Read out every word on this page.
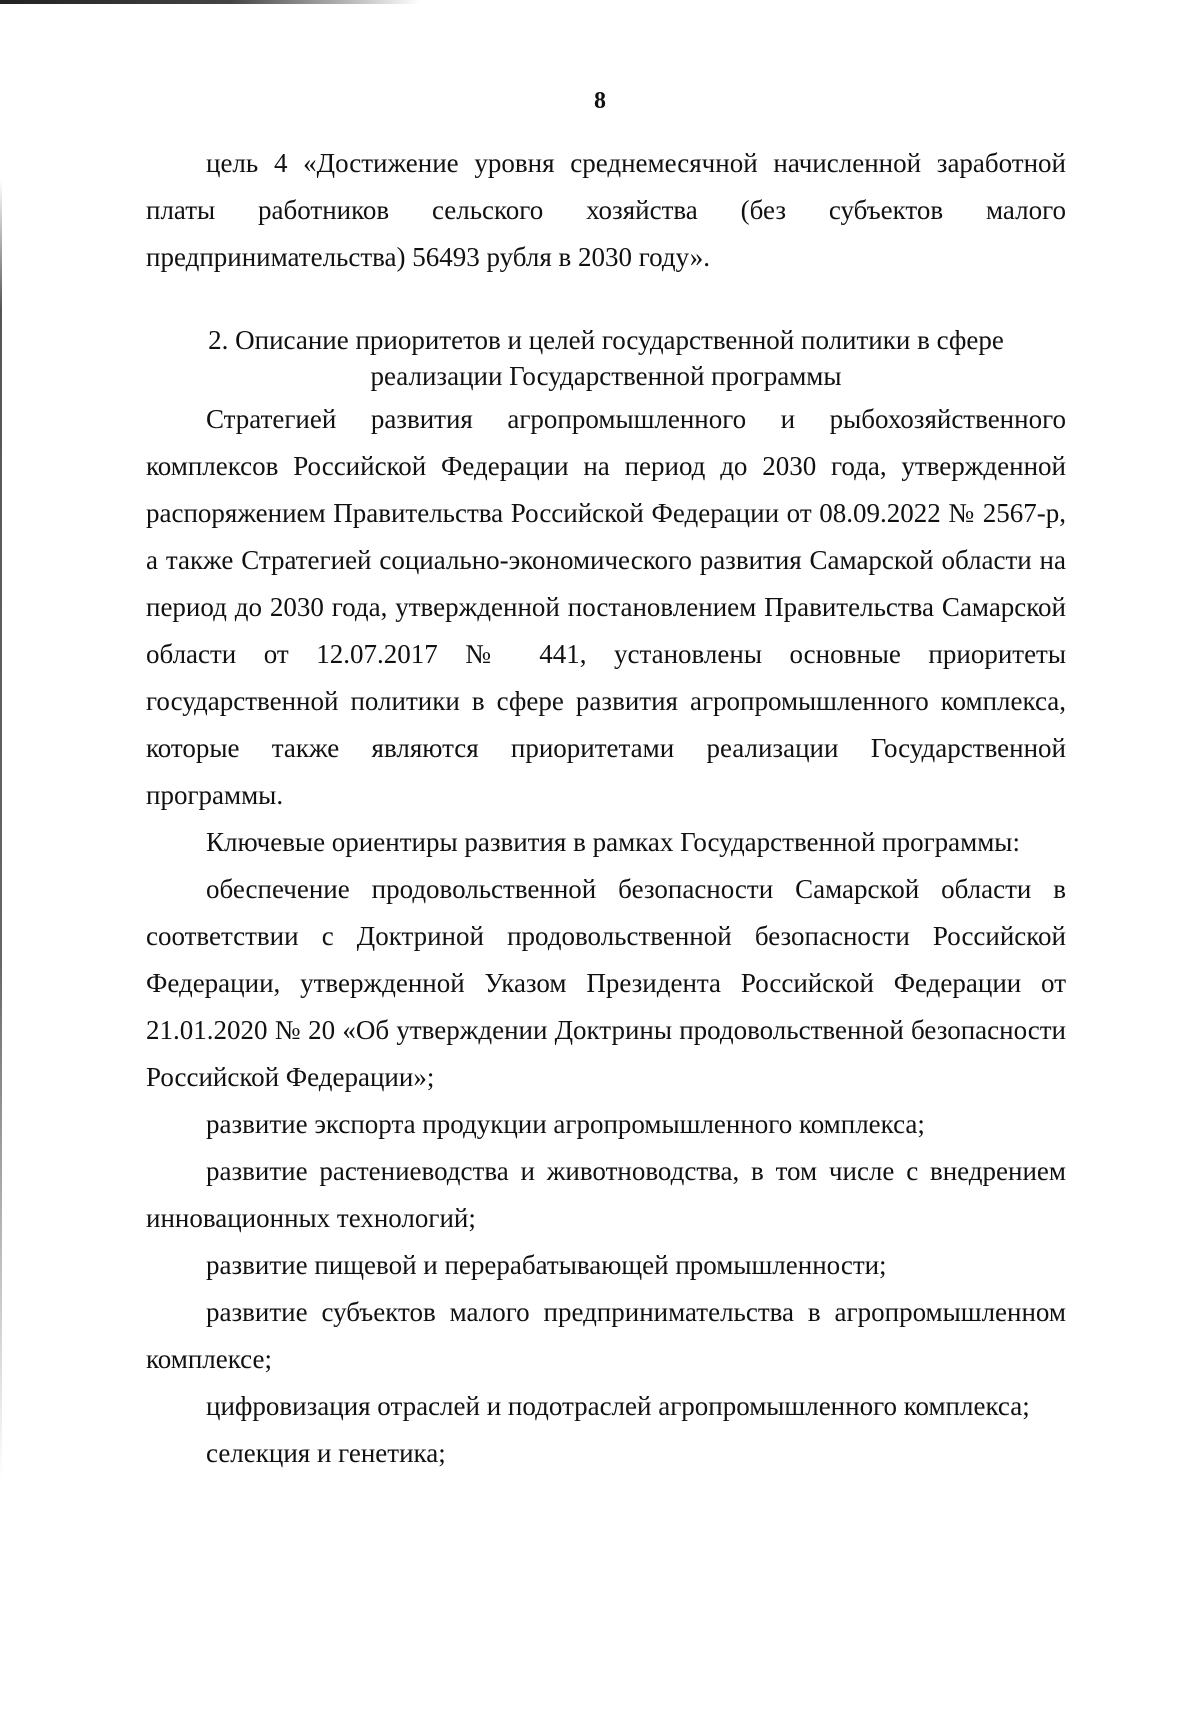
8

цель 4 «Достижение уровня среднемесячной начисленной заработной платы работников сельского хозяйства (без субъектов малого предпринимательства) 56493 рубля в 2030 году».

2. Описание приоритетов и целей государственной политики в сфере
реализации Государственной программы

Стратегией развития агропромышленного и рыбохозяйственного комплексов Российской Федерации на период до 2030 года, утвержденной распоряжением Правительства Российской Федерации от 08.09.2022 № 2567-р, а также Стратегией социально-экономического развития Самарской области на период до 2030 года, утвержденной постановлением Правительства Самарской области от 12.07.2017 № 441, установлены основные приоритеты государственной политики в сфере развития агропромышленного комплекса, которые также являются приоритетами реализации Государственной программы.

Ключевые ориентиры развития в рамках Государственной программы:

обеспечение продовольственной безопасности Самарской области в соответствии с Доктриной продовольственной безопасности Российской Федерации, утвержденной Указом Президента Российской Федерации от 21.01.2020 № 20 «Об утверждении Доктрины продовольственной безопасности Российской Федерации»;

развитие экспорта продукции агропромышленного комплекса;

развитие растениеводства и животноводства, в том числе с внедрением инновационных технологий;

развитие пищевой и перерабатывающей промышленности;

развитие субъектов малого предпринимательства в агропромышленном комплексе;

цифровизация отраслей и подотраслей агропромышленного комплекса;

селекция и генетика;
